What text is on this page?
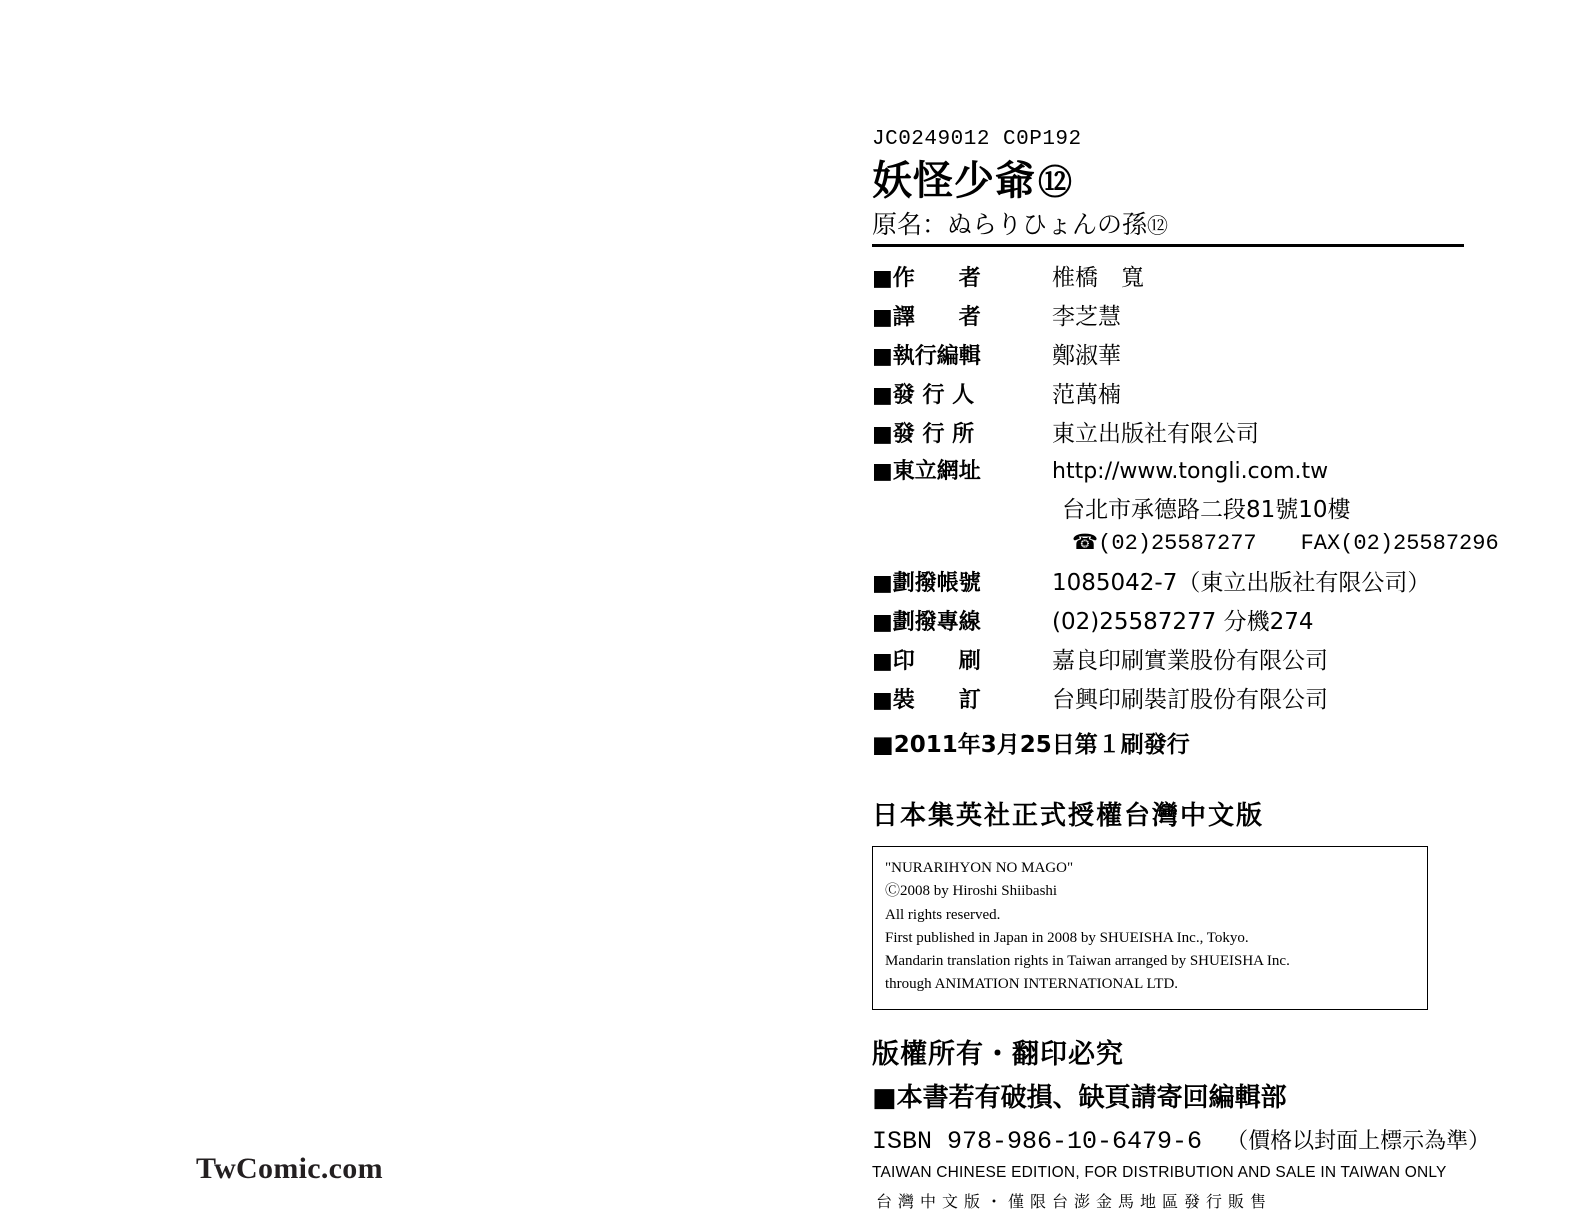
JC0249012 C0P192
妖怪少爺 ⑫
原名：ぬらりひょんの孫 ⑫
■作　　者	椎橋　寬
■譯　　者	李芝慧
■執行編輯	鄭淑華
■發 行 人	范萬楠
■發 行 所	東立出版社有限公司
■東立網址	http://www.tongli.com.tw
台北市承德路二段81號10樓
☎(02)25587277 FAX(02)25587296
■劃撥帳號	1085042-7（東立出版社有限公司）
■劃撥專線	(02)25587277 分機274
■印　　刷	嘉良印刷實業股份有限公司
■裝　　訂	台興印刷裝訂股份有限公司
■2011年3月25日第１刷發行
日本集英社正式授權台灣中文版
"NURARIHYON NO MAGO"
Ⓒ2008 by Hiroshi Shiibashi
All rights reserved.
First published in Japan in 2008 by SHUEISHA Inc., Tokyo.
Mandarin translation rights in Taiwan arranged by SHUEISHA Inc.
through ANIMATION INTERNATIONAL LTD.
版權所有・翻印必究
■本書若有破損、缺頁請寄回編輯部
ISBN 978-986-10-6479-6 （價格以封面上標示為準）
TAIWAN CHINESE EDITION, FOR DISTRIBUTION AND SALE IN TAIWAN ONLY
台灣中文版・僅限台澎金馬地區發行販售
TwComic.com
